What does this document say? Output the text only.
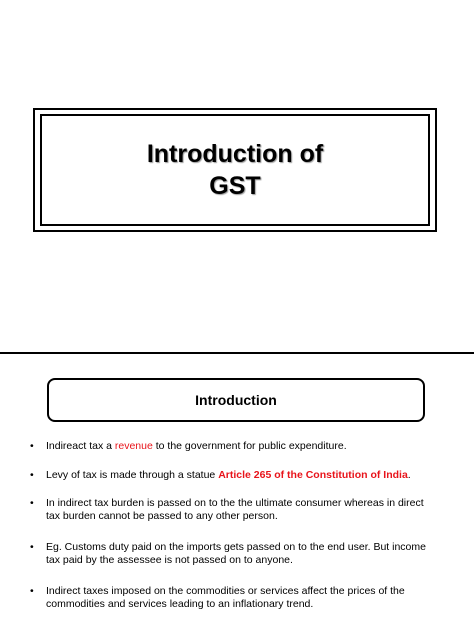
Introduction of
GST
Introduction
• Indireact tax a revenue to the government for public expenditure.
• Levy of tax is made through a statue Article 265 of the Constitution of India.
• In indirect tax burden is passed on to the the ultimate consumer whereas in direct tax burden cannot be passed to any other person.
• Eg. Customs duty paid on the imports gets passed on to the end user. But income tax paid by the assessee is not passed on to anyone.
• Indirect taxes imposed on the commodities or services affect the prices of the commodities and services leading to an inflationary trend.
